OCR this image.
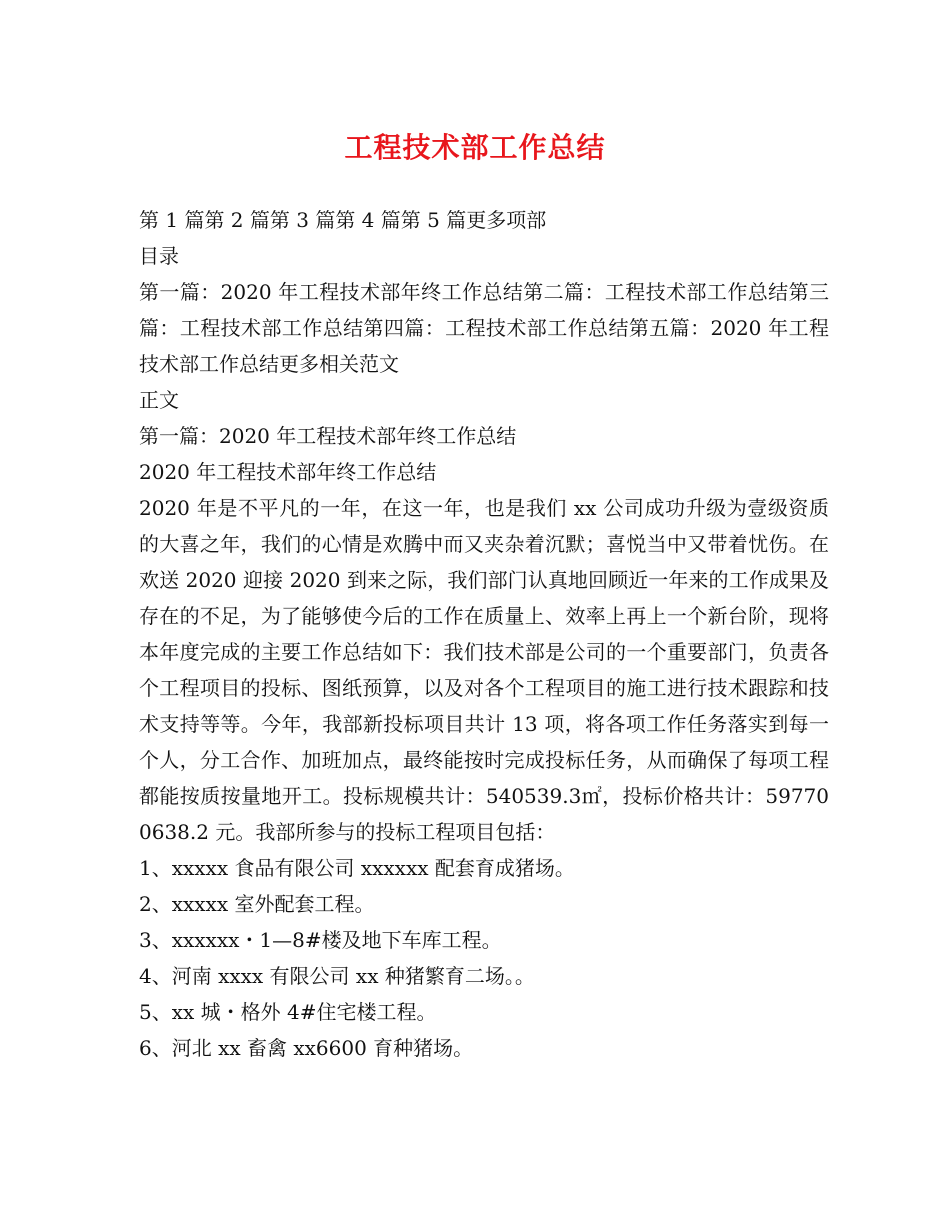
工程技术部工作总结

第 1 篇第 2 篇第 3 篇第 4 篇第 5 篇更多项部

目录

第一篇：2020 年工程技术部年终工作总结第二篇：工程技术部工作总结第三篇：工程技术部工作总结第四篇：工程技术部工作总结第五篇：2020 年工程技术部工作总结更多相关范文

正文

第一篇：2020 年工程技术部年终工作总结

2020 年工程技术部年终工作总结

2020 年是不平凡的一年，在这一年，也是我们 xx 公司成功升级为壹级资质的大喜之年，我们的心情是欢腾中而又夹杂着沉默；喜悦当中又带着忧伤。在欢送 2020 迎接 2020 到来之际，我们部门认真地回顾近一年来的工作成果及存在的不足，为了能够使今后的工作在质量上、效率上再上一个新台阶，现将本年度完成的主要工作总结如下：我们技术部是公司的一个重要部门，负责各个工程项目的投标、图纸预算，以及对各个工程项目的施工进行技术跟踪和技术支持等等。今年，我部新投标项目共计 13 项，将各项工作任务落实到每一个人，分工合作、加班加点，最终能按时完成投标任务，从而确保了每项工程都能按质按量地开工。投标规模共计：540539.3㎡，投标价格共计：597700638.2 元。我部所参与的投标工程项目包括：

1、xxxxx 食品有限公司 xxxxxx 配套育成猪场。

2、xxxxx 室外配套工程。

3、xxxxxx・1—8#楼及地下车库工程。

4、河南 xxxx 有限公司 xx 种猪繁育二场。。

5、xx 城・格外 4#住宅楼工程。

6、河北 xx 畜禽 xx6600 育种猪场。
